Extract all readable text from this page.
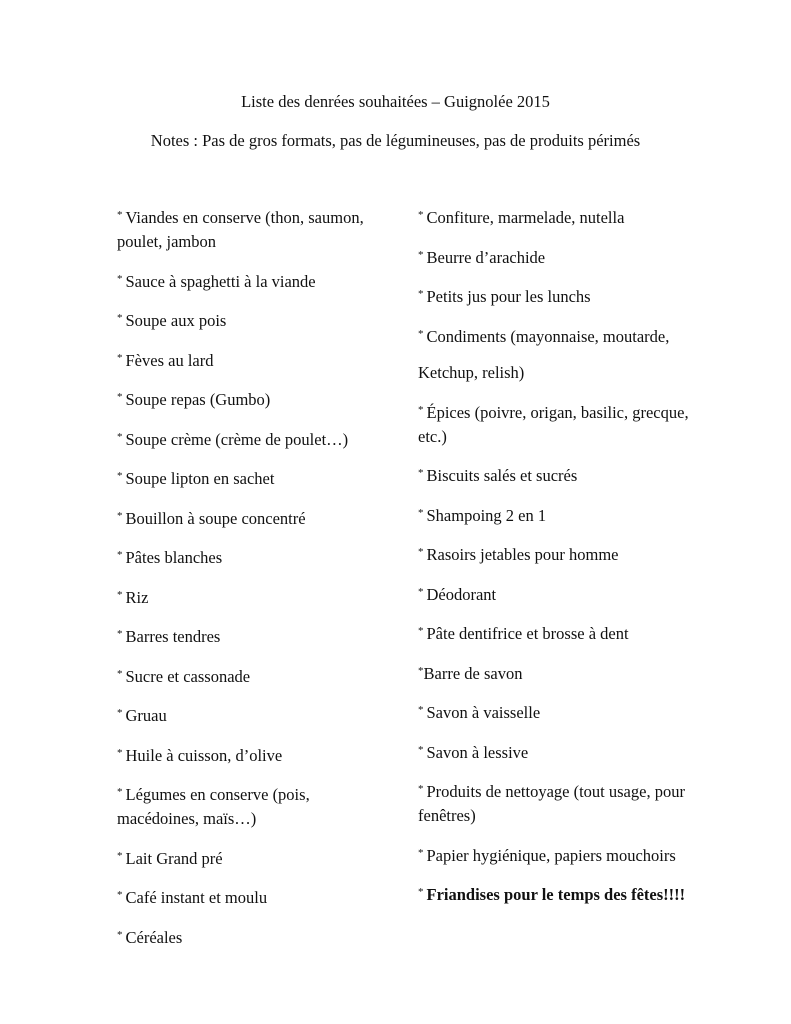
Liste des denrées souhaitées – Guignolée 2015
Notes : Pas de gros formats, pas de légumineuses, pas de produits périmés
* Viandes en conserve (thon, saumon, poulet, jambon
* Sauce à spaghetti à la viande
* Soupe aux pois
* Fèves au lard
* Soupe repas (Gumbo)
* Soupe crème (crème de poulet…)
* Soupe lipton en sachet
* Bouillon à soupe concentré
* Pâtes blanches
* Riz
* Barres tendres
* Sucre et cassonade
* Gruau
* Huile à cuisson, d’olive
* Légumes en conserve (pois, macédoines, maïs…)
* Lait Grand pré
* Café instant et moulu
* Céréales
* Confiture, marmelade, nutella
* Beurre d’arachide
* Petits jus pour les lunchs
* Condiments (mayonnaise, moutarde,
Ketchup, relish)
* Épices (poivre, origan, basilic, grecque, etc.)
* Biscuits salés et sucrés
* Shampoing 2 en 1
* Rasoirs jetables pour homme
* Déodorant
* Pâte dentifrice et brosse à dent
*Barre de savon
* Savon à vaisselle
* Savon à lessive
* Produits de nettoyage (tout usage, pour fenêtres)
* Papier hygiénique, papiers mouchoirs
* Friandises pour le temps des fêtes!!!!
